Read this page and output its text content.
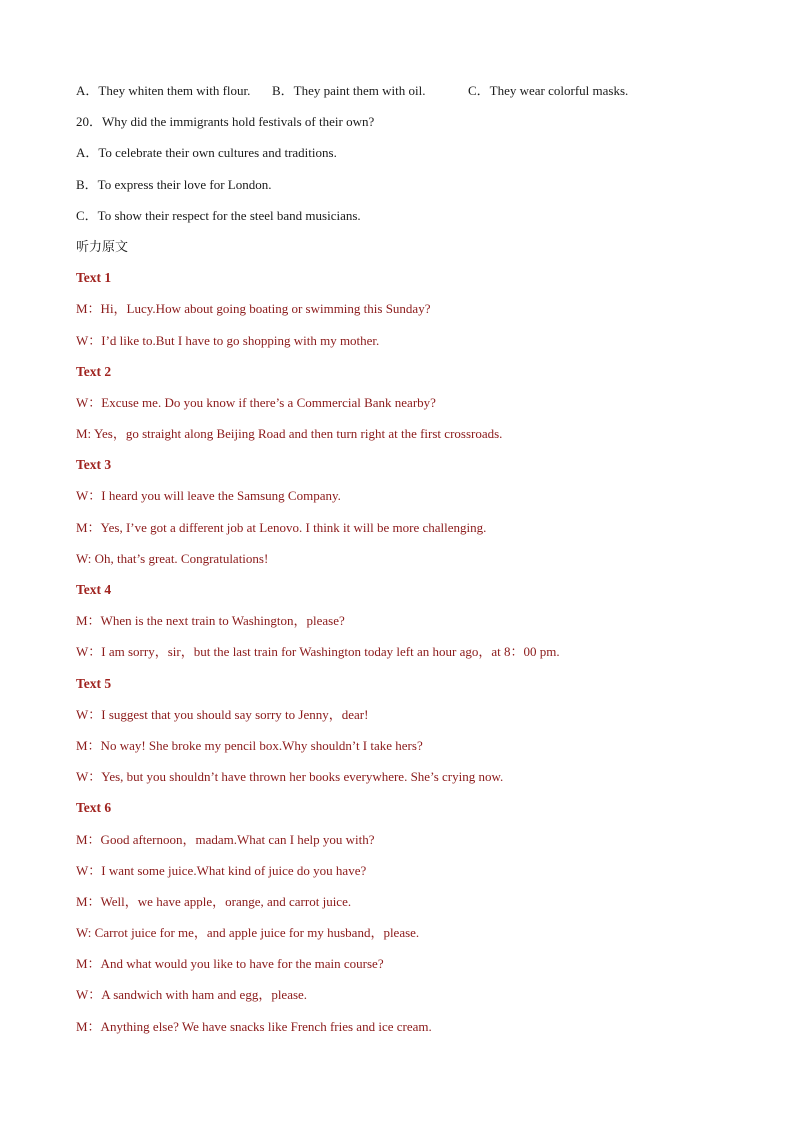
A．They whiten them with flour. B．They paint them with oil.	C．They wear colorful masks.
20．Why did the immigrants hold festivals of their own?
A．To celebrate their own cultures and traditions.
B．To express their love for London.
C．To show their respect for the steel band musicians.
听力原文
Text 1
M：Hi，Lucy.How about going boating or swimming this Sunday?
W：I’d like to.But I have to go shopping with my mother.
Text 2
W：Excuse me. Do you know if there’s a Commercial Bank nearby?
M: Yes，go straight along Beijing Road and then turn right at the first crossroads.
Text 3
W：I heard you will leave the Samsung Company.
M：Yes, I’ve got a different job at Lenovo. I think it will be more challenging.
W: Oh, that’s great. Congratulations!
Text 4
M：When is the next train to Washington，please?
W：I am sorry，sir，but the last train for Washington today left an hour ago，at 8：00 pm.
Text 5
W：I suggest that you should say sorry to Jenny，dear!
M：No way! She broke my pencil box.Why shouldn’t I take hers?
W：Yes, but you shouldn’t have thrown her books everywhere. She’s crying now.
Text 6
M：Good afternoon，madam.What can I help you with?
W：I want some juice.What kind of juice do you have?
M：Well，we have apple，orange, and carrot juice.
W: Carrot juice for me，and apple juice for my husband，please.
M：And what would you like to have for the main course?
W：A sandwich with ham and egg，please.
M：Anything else? We have snacks like French fries and ice cream.
